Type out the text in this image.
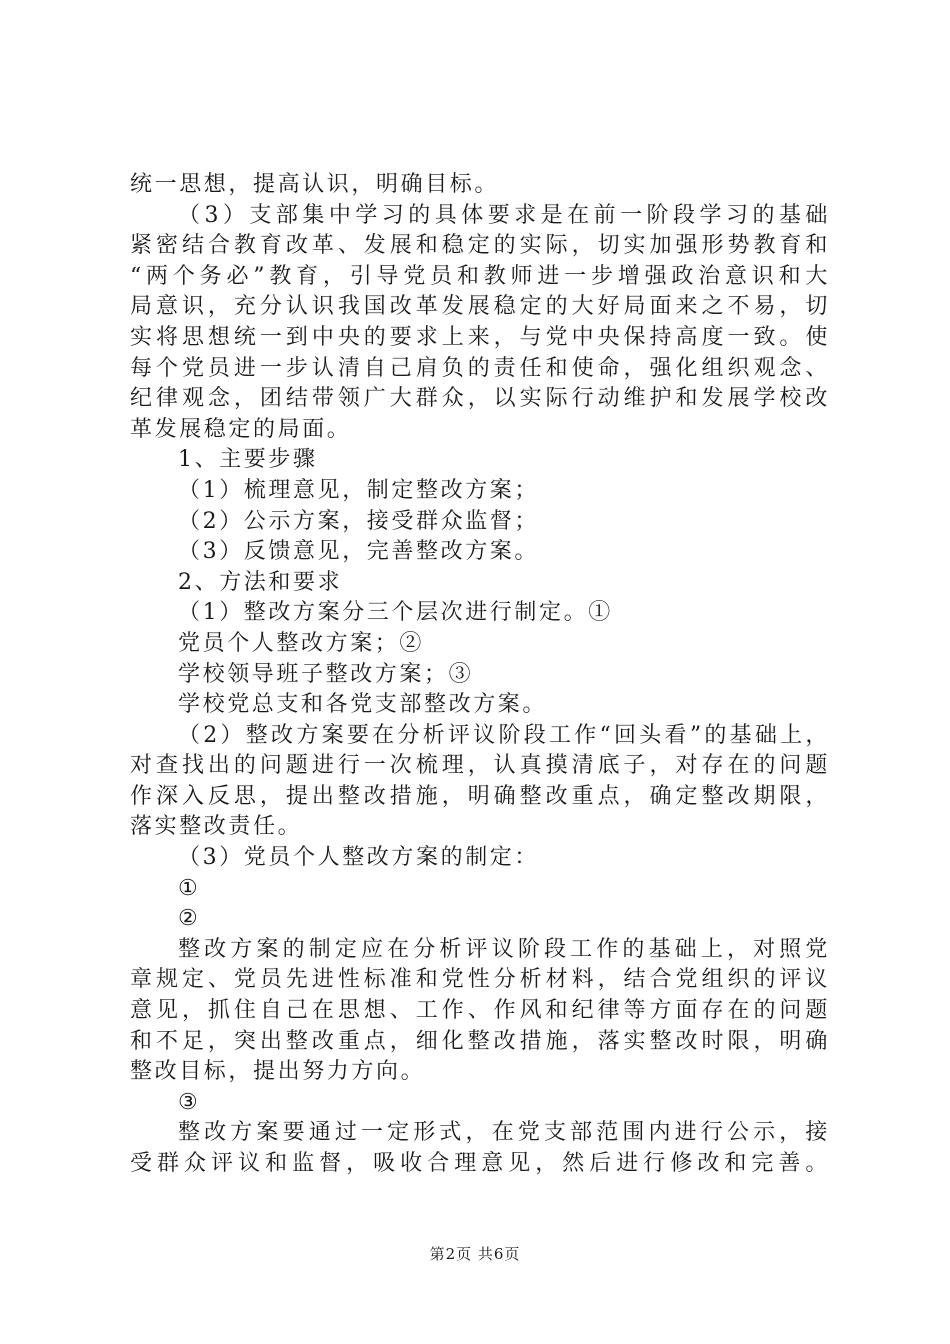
统一思想，提高认识，明确目标。
（3）支部集中学习的具体要求是在前一阶段学习的基础
紧密结合教育改革、发展和稳定的实际，切实加强形势教育和
“两个务必”教育，引导党员和教师进一步增强政治意识和大
局意识，充分认识我国改革发展稳定的大好局面来之不易，切
实将思想统一到中央的要求上来，与党中央保持高度一致。使
每个党员进一步认清自己肩负的责任和使命，强化组织观念、
纪律观念，团结带领广大群众，以实际行动维护和发展学校改
革发展稳定的局面。
1、主要步骤
（1）梳理意见，制定整改方案；
（2）公示方案，接受群众监督；
（3）反馈意见，完善整改方案。
2、方法和要求
（1）整改方案分三个层次进行制定。①
党员个人整改方案；②
学校领导班子整改方案；③
学校党总支和各党支部整改方案。
（2）整改方案要在分析评议阶段工作“回头看”的基础上，
对查找出的问题进行一次梳理，认真摸清底子，对存在的问题
作深入反思，提出整改措施，明确整改重点，确定整改期限，
落实整改责任。
（3）党员个人整改方案的制定：
①
②
整改方案的制定应在分析评议阶段工作的基础上，对照党
章规定、党员先进性标准和党性分析材料，结合党组织的评议
意见，抓住自己在思想、工作、作风和纪律等方面存在的问题
和不足，突出整改重点，细化整改措施，落实整改时限，明确
整改目标，提出努力方向。
③
整改方案要通过一定形式，在党支部范围内进行公示，接
受群众评议和监督，吸收合理意见，然后进行修改和完善。
第2页 共6页
